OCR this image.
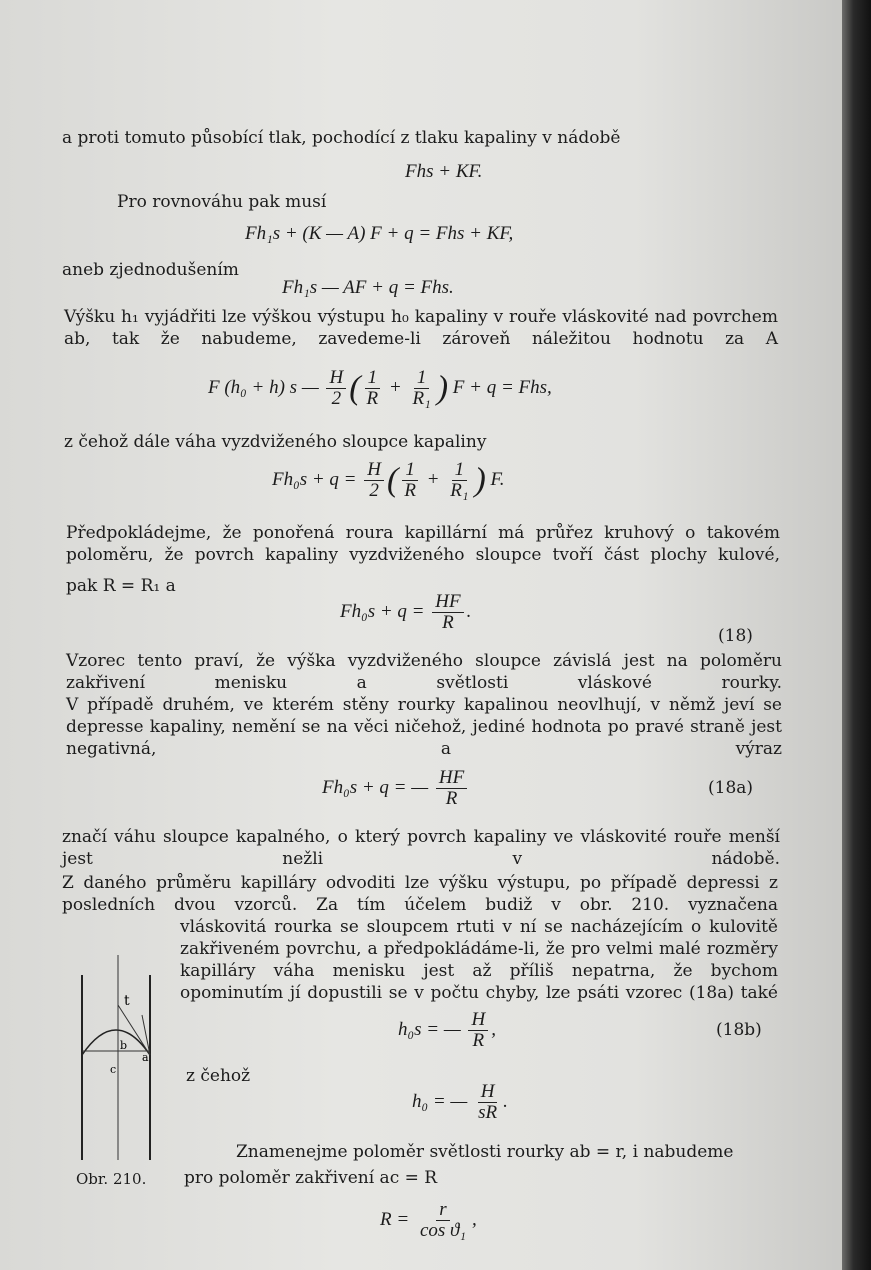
a proti tomuto působící tlak, pochodící z tlaku kapaliny v nádobě
Fhs + KF.
Pro rovnováhu pak musí
Fh₁s + (K — A) F + q = Fhs + KF,
aneb zjednodušením
Fh₁s — AF + q = Fhs.
Výšku h₁ vyjádřiti lze výškou výstupu h₀ kapaliny v rouře vláskovité nad povrchem ab, tak že nabudeme, zavedeme-li zároveň náležitou hodnotu za A
F (h₀ + h) s — $\frac{H}{2}$ ( $\frac{1}{R} + \frac{1}{\text{R₁}}$ ) F + q = Fhs,
z čehož dále váha vyzdviženého sloupce kapaliny
$Fh_0s + q = \frac{H}{2}$ ( $\frac{1}{R} + \frac{1}{\text{R₁}}$ ) F.
Předpokládejme, že ponořená roura kapillární má průřez kruhový o takovém poloměru, že povrch kapaliny vyzdviženého sloupce tvoří část plochy kulové,
pak R = R₁ a
$Fh_0s + q = \frac{HF}{R}$ .
(18)
Vzorec tento praví, že výška vyzdviženého sloupce závislá jest na poloměru zakřivení menisku a světlosti vláskové rourky.
V případě druhém, ve kterém stěny rourky kapalinou neovlhují, v němž jeví se depresse kapaliny, nemění se na věci ničehož, jediné hodnota po pravé straně jest negativná, a výraz
Fh₀s + q = — $\frac{HF}{R}$	(18a)
značí váhu sloupce kapalného, o který povrch kapaliny ve vláskovité rouře menší jest nežli v nádobě.
Z daného průměru kapilláry odvoditi lze výšku výstupu, po případě depressi z posledních dvou vzorců. Za tím účelem budiž v obr. 210. vyznačena
vláskovitá rourka se sloupcem rtuti v ní se nacházejícím o kulovitě zakřiveném povrchu, a předpokládáme-li, že pro velmi malé rozměry kapilláry váha menisku jest až příliš nepatrna, že bychom opominutím jí dopustili se v počtu chyby, lze psáti vzorec (18a) také
h₀s = — $\frac{H}{R}$ ,	(18b)
z čehož
h₀ = — $\frac{H}{sR}$ .
Znamenejme poloměr světlosti rourky ab = r, i nabudeme
pro poloměr zakřivení ac = R
$R = \frac{r}{\text{cos ϑ₁}}$ ,
t
b
c
a
Obr. 210.
